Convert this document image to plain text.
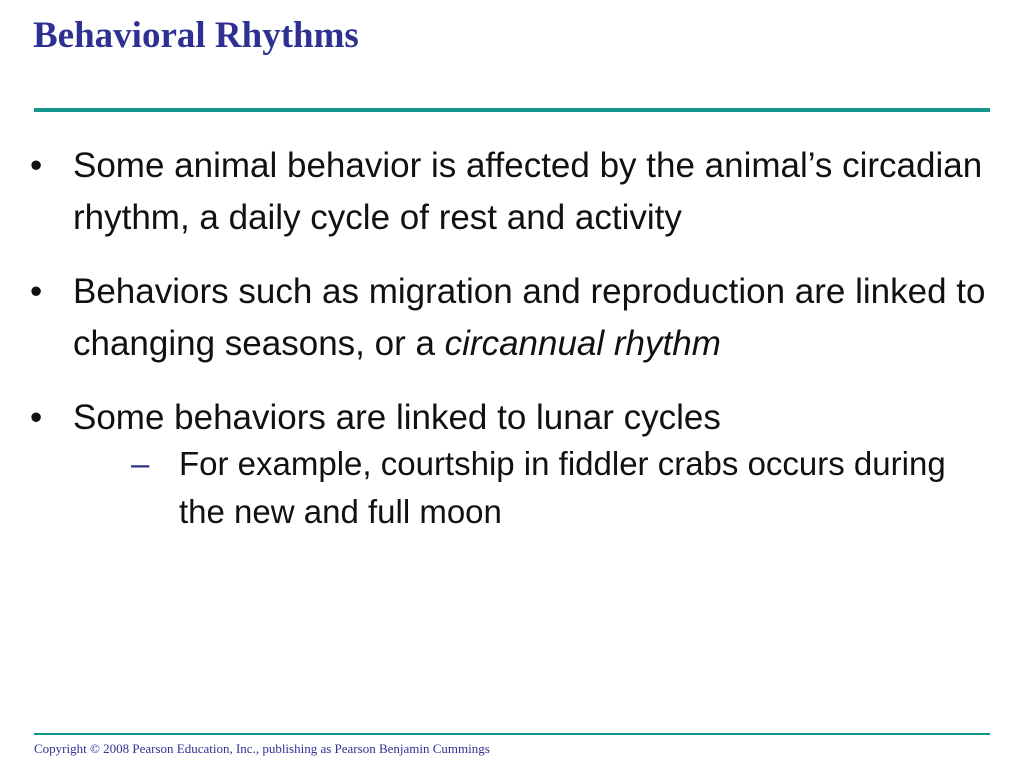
Behavioral Rhythms
• Some animal behavior is affected by the animal’s circadian rhythm, a daily cycle of rest and activity
• Behaviors such as migration and reproduction are linked to changing seasons, or a circannual rhythm
• Some behaviors are linked to lunar cycles
– For example, courtship in fiddler crabs occurs during the new and full moon
Copyright © 2008 Pearson Education, Inc., publishing as Pearson Benjamin Cummings
